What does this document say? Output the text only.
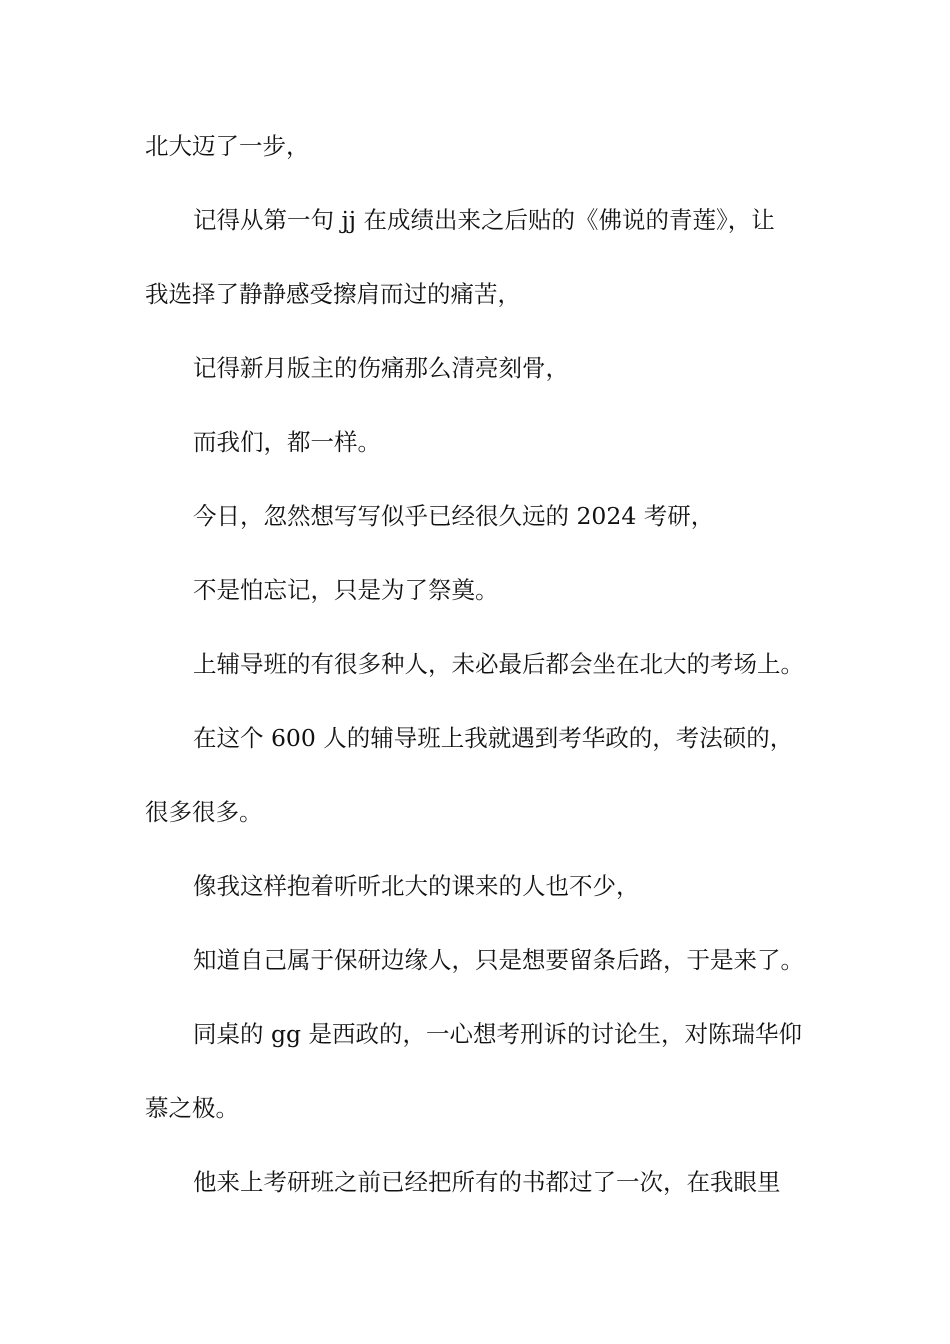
北大迈了一步，
记得从第一句 jj 在成绩出来之后贴的《佛说的青莲》，让
我选择了静静感受擦肩而过的痛苦，
记得新月版主的伤痛那么清亮刻骨，
而我们，都一样。
今日，忽然想写写似乎已经很久远的 2024 考研，
不是怕忘记，只是为了祭奠。
上辅导班的有很多种人，未必最后都会坐在北大的考场上。
在这个 600 人的辅导班上我就遇到考华政的，考法硕的，
很多很多。
像我这样抱着听听北大的课来的人也不少，
知道自己属于保研边缘人，只是想要留条后路，于是来了。
同桌的 gg 是西政的，一心想考刑诉的讨论生，对陈瑞华仰
慕之极。
他来上考研班之前已经把所有的书都过了一次，在我眼里
